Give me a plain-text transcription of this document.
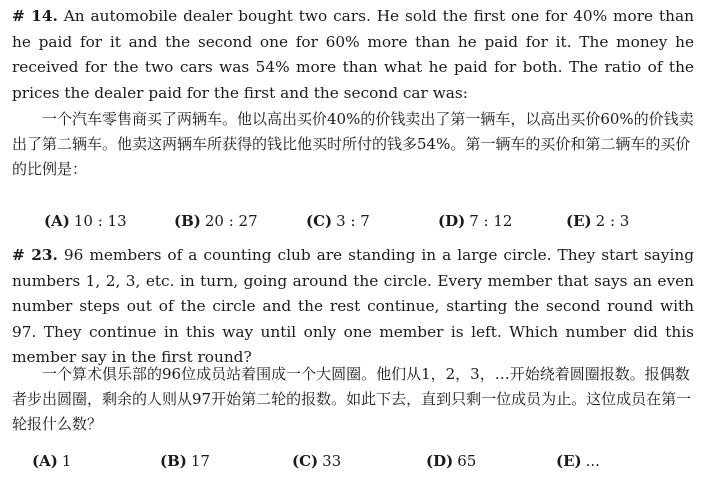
# 14. An automobile dealer bought two cars. He sold the first one for 40% more than he paid for it and the second one for 60% more than he paid for it. The money he received for the two cars was 54% more than what he paid for both. The ratio of the prices the dealer paid for the first and the second car was:

一个汽车零售商买了两辆车。他以高出买价40%的价钱卖出了第一辆车，以高出买价60%的价钱卖出了第二辆车。他卖这两辆车所获得的钱比他买时所付的钱多54%。第一辆车的买价和第二辆车的买价的比例是：

(A) 10 : 13	(B) 20 : 27	(C) 3 : 7	(D) 7 : 12	(E) 2 : 3

# 23. 96 members of a counting club are standing in a large circle. They start saying numbers 1, 2, 3, etc. in turn, going around the circle. Every member that says an even number steps out of the circle and the rest continue, starting the second round with 97. They continue in this way until only one member is left. Which number did this member say in the first round?

一个算术俱乐部的96位成员站着围成一个大圆圈。他们从1，2，3，…开始绕着圆圈报数。报偶数者步出圆圈，剩余的人则从97开始第二轮的报数。如此下去，直到只剩一位成员为止。这位成员在第一轮报什么数？

(A) 1	(B) 17	(C) 33	(D) 65	(E) ...
